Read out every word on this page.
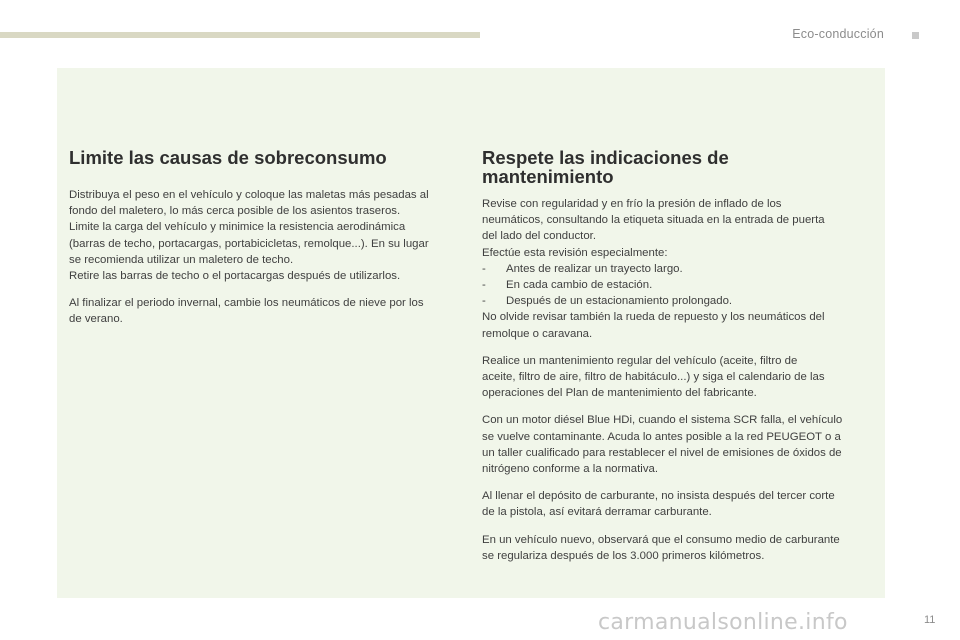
Eco-conducción
Limite las causas de sobreconsumo
Distribuya el peso en el vehículo y coloque las maletas más pesadas al
fondo del maletero, lo más cerca posible de los asientos traseros.
Limite la carga del vehículo y minimice la resistencia aerodinámica
(barras de techo, portacargas, portabicicletas, remolque...). En su lugar
se recomienda utilizar un maletero de techo.
Retire las barras de techo o el portacargas después de utilizarlos.
Al finalizar el periodo invernal, cambie los neumáticos de nieve por los
de verano.
Respete las indicaciones de
mantenimiento
Revise con regularidad y en frío la presión de inflado de los
neumáticos, consultando la etiqueta situada en la entrada de puerta
del lado del conductor.
Efectúe esta revisión especialmente:
-	Antes de realizar un trayecto largo.
-	En cada cambio de estación.
-	Después de un estacionamiento prolongado.
No olvide revisar también la rueda de repuesto y los neumáticos del
remolque o caravana.
Realice un mantenimiento regular del vehículo (aceite, filtro de
aceite, filtro de aire, filtro de habitáculo...) y siga el calendario de las
operaciones del Plan de mantenimiento del fabricante.
Con un motor diésel Blue HDi, cuando el sistema SCR falla, el vehículo
se vuelve contaminante. Acuda lo antes posible a la red PEUGEOT o a
un taller cualificado para restablecer el nivel de emisiones de óxidos de
nitrógeno conforme a la normativa.
Al llenar el depósito de carburante, no insista después del tercer corte
de la pistola, así evitará derramar carburante.
En un vehículo nuevo, observará que el consumo medio de carburante
se regulariza después de los 3.000 primeros kilómetros.
carmanualsonline.info	11
